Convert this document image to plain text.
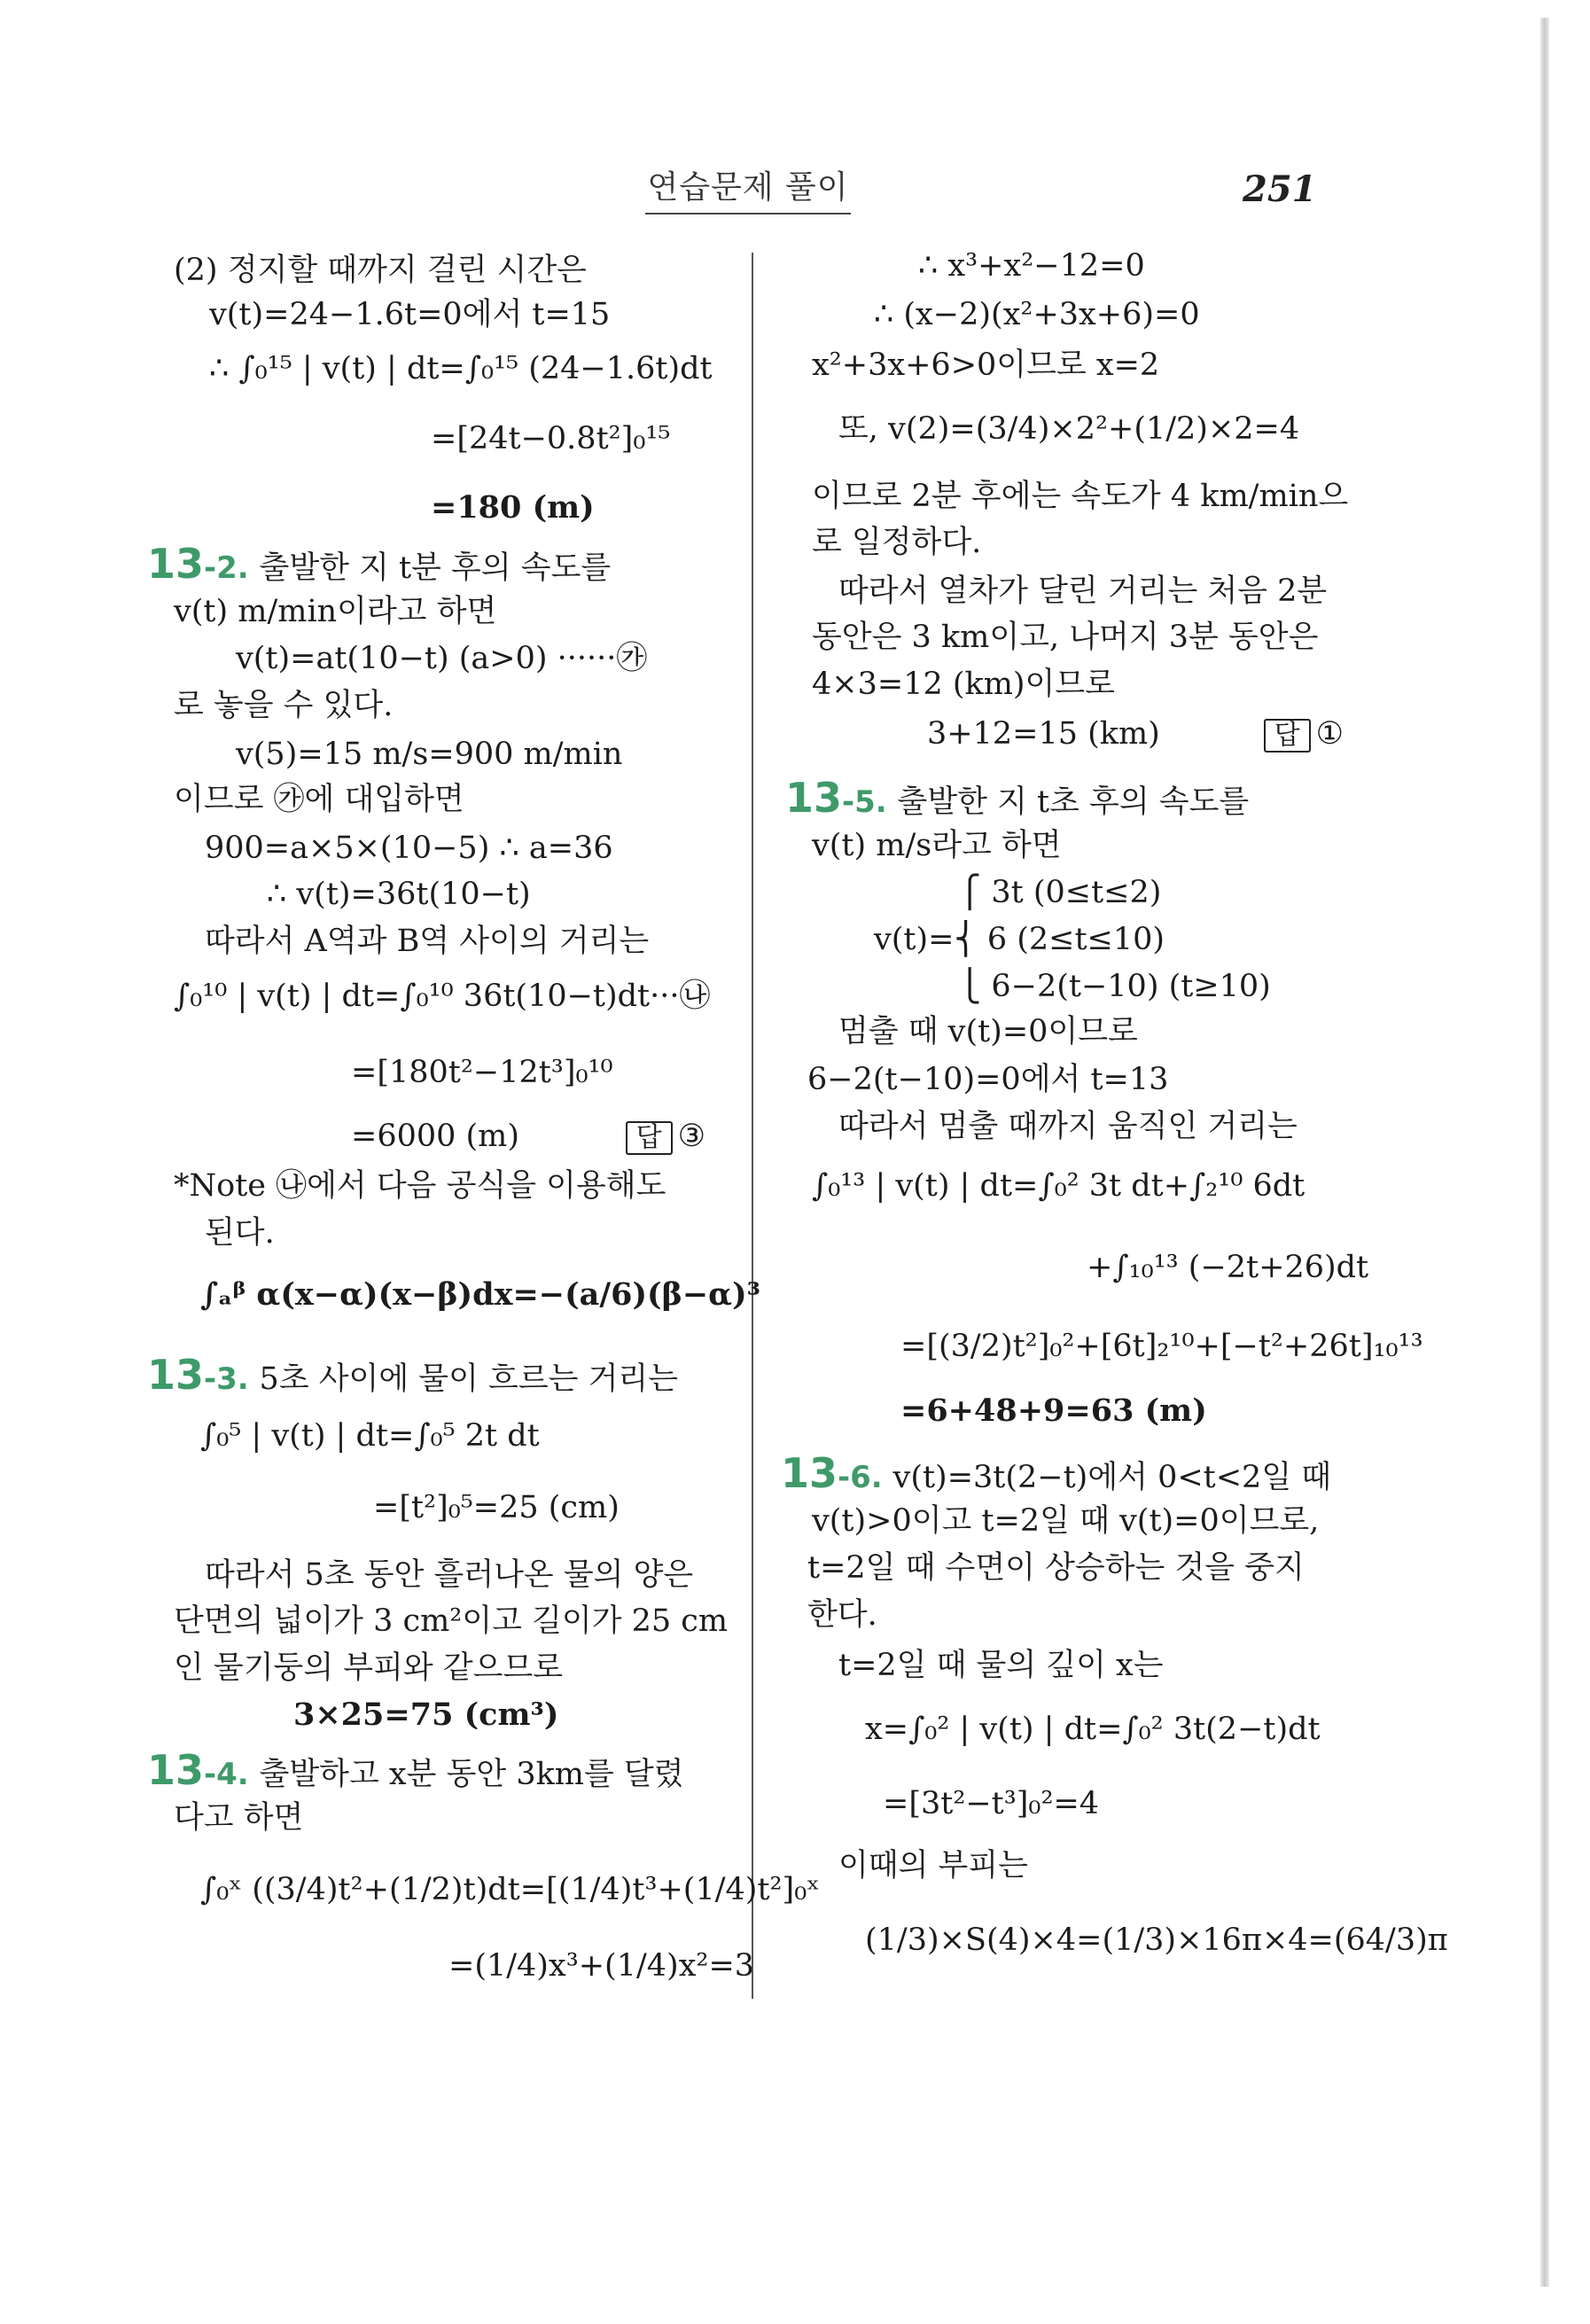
연습문제 풀이	251
(2) 정지할 때까지 걸린 시간은
v(t)=24−1.6t=0에서 t=15
∴ ∫₀¹⁵ | v(t) | dt=∫₀¹⁵ (24−1.6t)dt
=[24t−0.8t²]₀¹⁵
=180 (m)
13-2. 출발한 지 t분 후의 속도를
v(t) m/min이라고 하면
v(t)=at(10−t) (a>0) ······㉮
로 놓을 수 있다.
v(5)=15 m/s=900 m/min
이므로 ㉮에 대입하면
900=a×5×(10−5) ∴ a=36
∴ v(t)=36t(10−t)
따라서 A역과 B역 사이의 거리는
∫₀¹⁰ | v(t) | dt=∫₀¹⁰ 36t(10−t)dt···㉯
=[180t²−12t³]₀¹⁰
=6000 (m)	답 ③
*Note ㉯에서 다음 공식을 이용해도
된다.
∫ₐᵝ α(x−α)(x−β)dx=−(a/6)(β−α)³
13-3. 5초 사이에 물이 흐르는 거리는
∫₀⁵ | v(t) | dt=∫₀⁵ 2t dt
=[t²]₀⁵=25 (cm)
따라서 5초 동안 흘러나온 물의 양은
단면의 넓이가 3 cm²이고 길이가 25 cm
인 물기둥의 부피와 같으므로
3×25=75 (cm³)
13-4. 출발하고 x분 동안 3km를 달렸
다고 하면
∫₀ˣ ((3/4)t²+(1/2)t)dt=[(1/4)t³+(1/4)t²]₀ˣ
=(1/4)x³+(1/4)x²=3
∴ x³+x²−12=0
∴ (x−2)(x²+3x+6)=0
x²+3x+6>0이므로 x=2
또, v(2)=(3/4)×2²+(1/2)×2=4
이므로 2분 후에는 속도가 4 km/min으
로 일정하다.
따라서 열차가 달린 거리는 처음 2분
동안은 3 km이고, 나머지 3분 동안은
4×3=12 (km)이므로
3+12=15 (km)	답 ①
13-5. 출발한 지 t초 후의 속도를
v(t) m/s라고 하면
⎧ 3t (0≤t≤2)
v(t)=⎨ 6 (2≤t≤10)
⎩ 6−2(t−10) (t≥10)
멈출 때 v(t)=0이므로
6−2(t−10)=0에서 t=13
따라서 멈출 때까지 움직인 거리는
∫₀¹³ | v(t) | dt=∫₀² 3t dt+∫₂¹⁰ 6dt
+∫₁₀¹³ (−2t+26)dt
=[(3/2)t²]₀²+[6t]₂¹⁰+[−t²+26t]₁₀¹³
=6+48+9=63 (m)
13-6. v(t)=3t(2−t)에서 0<t<2일 때
v(t)>0이고 t=2일 때 v(t)=0이므로,
t=2일 때 수면이 상승하는 것을 중지
한다.
t=2일 때 물의 깊이 x는
x=∫₀² | v(t) | dt=∫₀² 3t(2−t)dt
=[3t²−t³]₀²=4
이때의 부피는
(1/3)×S(4)×4=(1/3)×16π×4=(64/3)π
